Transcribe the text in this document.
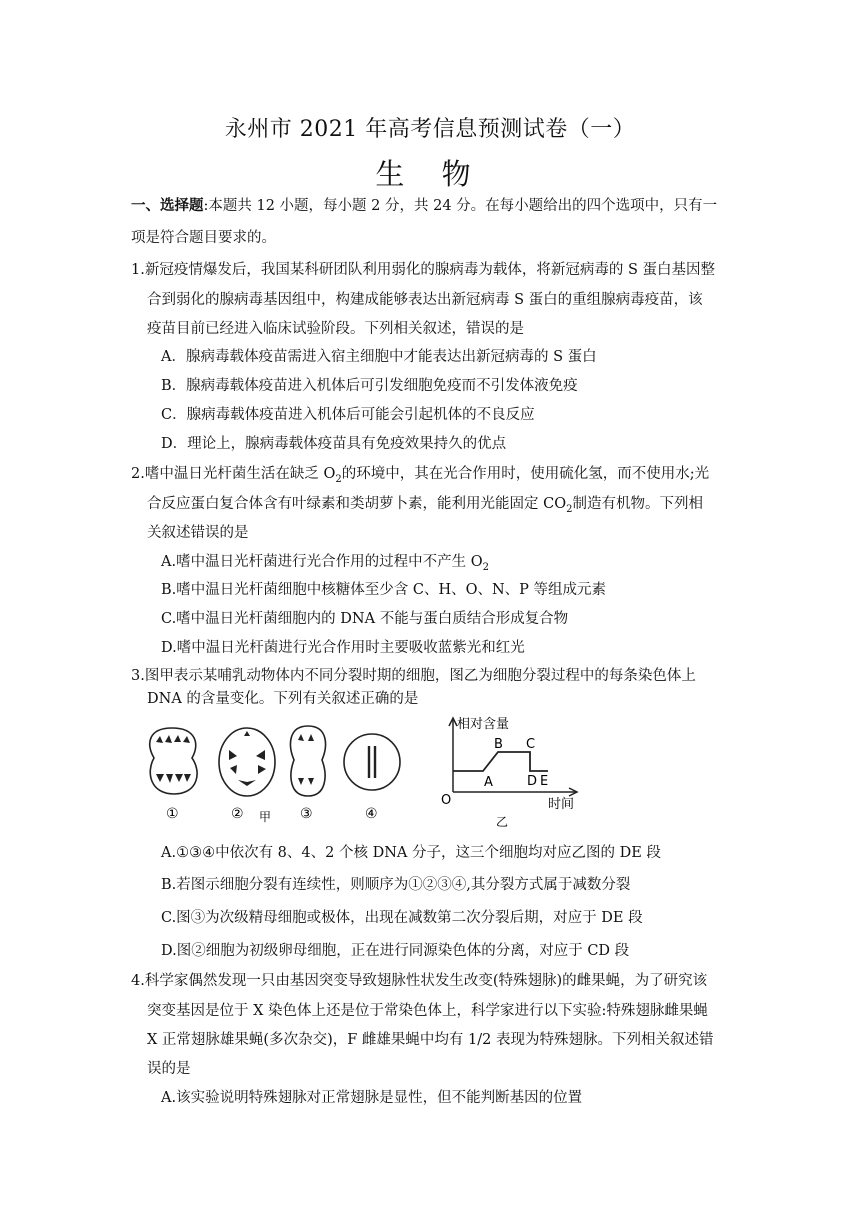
永州市 2021 年高考信息预测试卷（一）
生 物
一、选择题:本题共 12 小题，每小题 2 分，共 24 分。在每小题给出的四个选项中，只有一
项是符合题目要求的。
1.新冠疫情爆发后，我国某科研团队利用弱化的腺病毒为载体，将新冠病毒的 S 蛋白基因整
合到弱化的腺病毒基因组中，构建成能够表达出新冠病毒 S 蛋白的重组腺病毒疫苗，该
疫苗目前已经进入临床试验阶段。下列相关叙述，错误的是
A．腺病毒载体疫苗需进入宿主细胞中才能表达出新冠病毒的 S 蛋白
B．腺病毒载体疫苗进入机体后可引发细胞免疫而不引发体液免疫
C．腺病毒载体疫苗进入机体后可能会引起机体的不良反应
D．理论上，腺病毒载体疫苗具有免疫效果持久的优点
2.嗜中温日光杆菌生活在缺乏 $O_2$的环境中，其在光合作用时，使用硫化氢，而不使用水;光
合反应蛋白复合体含有叶绿素和类胡萝卜素，能利用光能固定 $CO_2$制造有机物。下列相
关叙述错误的是
A.嗜中温日光杆菌进行光合作用的过程中不产生 $O_2$
B.嗜中温日光杆菌细胞中核糖体至少含 C、H、O、N、P 等组成元素
C.嗜中温日光杆菌细胞内的 DNA 不能与蛋白质结合形成复合物
D.嗜中温日光杆菌进行光合作用时主要吸收蓝紫光和红光
3.图甲表示某哺乳动物体内不同分裂时期的细胞，图乙为细胞分裂过程中的每条染色体上
DNA 的含量变化。下列有关叙述正确的是
①	②	③	④
甲
相对含量
O
A
B C
D E
时间
乙
A.①③④中依次有 8、4、2 个核 DNA 分子，这三个细胞均对应乙图的 DE 段
B.若图示细胞分裂有连续性，则顺序为①②③④,其分裂方式属于减数分裂
C.图③为次级精母细胞或极体，出现在减数第二次分裂后期，对应于 DE 段
D.图②细胞为初级卵母细胞，正在进行同源染色体的分离，对应于 CD 段
4.科学家偶然发现一只由基因突变导致翅脉性状发生改变(特殊翅脉)的雌果蝇，为了研究该
突变基因是位于 X 染色体上还是位于常染色体上，科学家进行以下实验:特殊翅脉雌果蝇
X 正常翅脉雄果蝇(多次杂交)，F 雌雄果蝇中均有 1/2 表现为特殊翅脉。下列相关叙述错
误的是
A.该实验说明特殊翅脉对正常翅脉是显性，但不能判断基因的位置
